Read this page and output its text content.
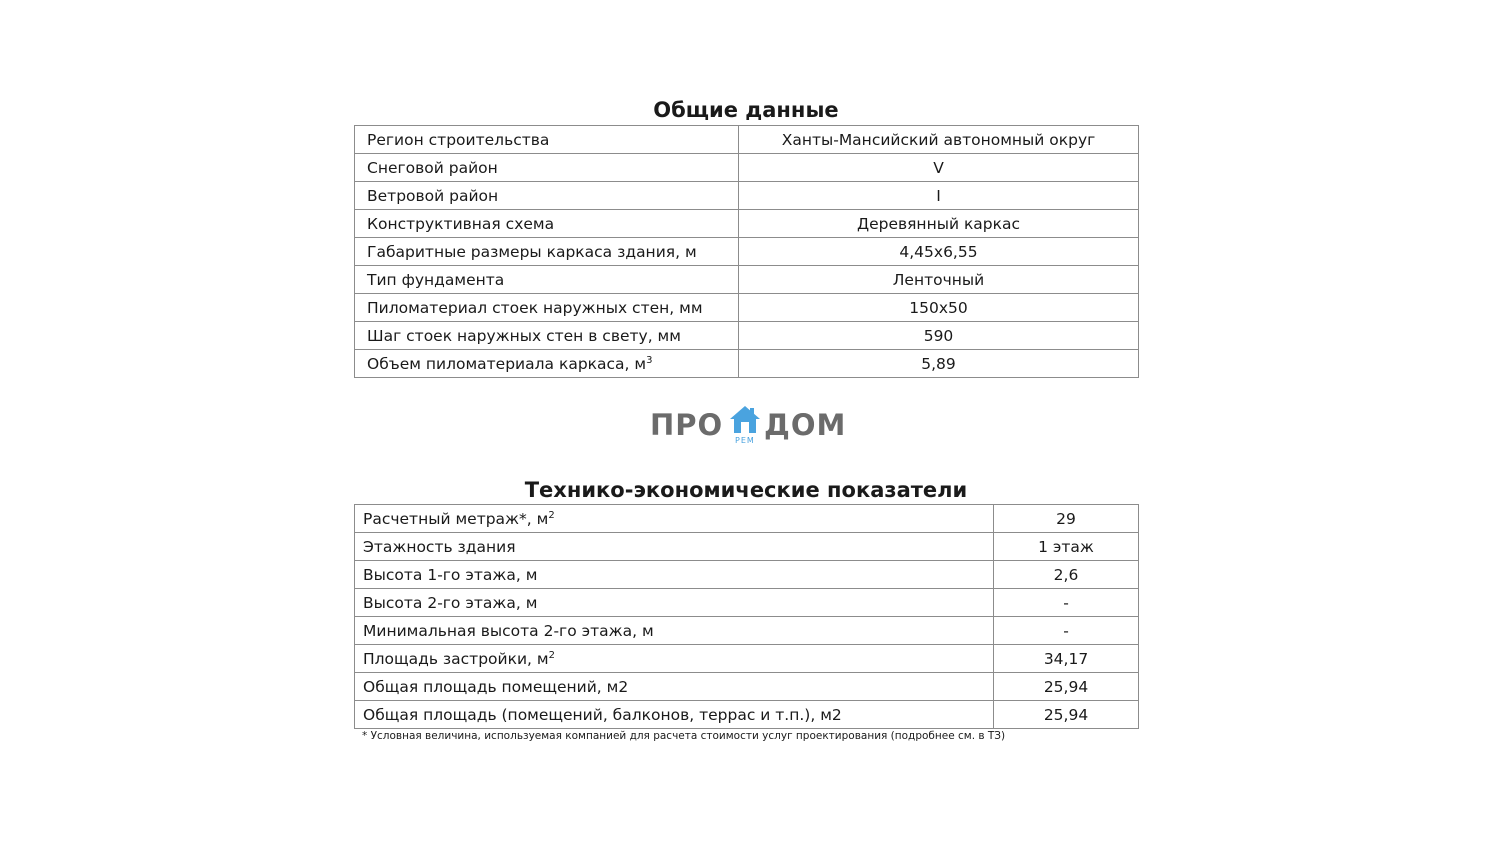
Общие данные
Регион строительства	Ханты-Мансийский автономный округ
Снеговой район	V
Ветровой район	I
Конструктивная схема	Деревянный каркас
Габаритные размеры каркаса здания, м	4,45х6,55
Тип фундамента	Ленточный
Пиломатериал стоек наружных стен, мм	150х50
Шаг стоек наружных стен в свету, мм	590
Объем пиломатериала каркаса, $м^3$	5,89
ПРО РЕМ ДОМ
Технико-экономические показатели
Расчетный метраж*, $м^2$	29
Этажность здания	1 этаж
Высота 1-го этажа, м	2,6
Высота 2-го этажа, м	-
Минимальная высота 2-го этажа, м	-
Площадь застройки, $м^2$	34,17
Общая площадь помещений, м2	25,94
Общая площадь (помещений, балконов, террас и т.п.), м2	25,94
* Условная величина, используемая компанией для расчета стоимости услуг проектирования (подробнее см. в ТЗ)
